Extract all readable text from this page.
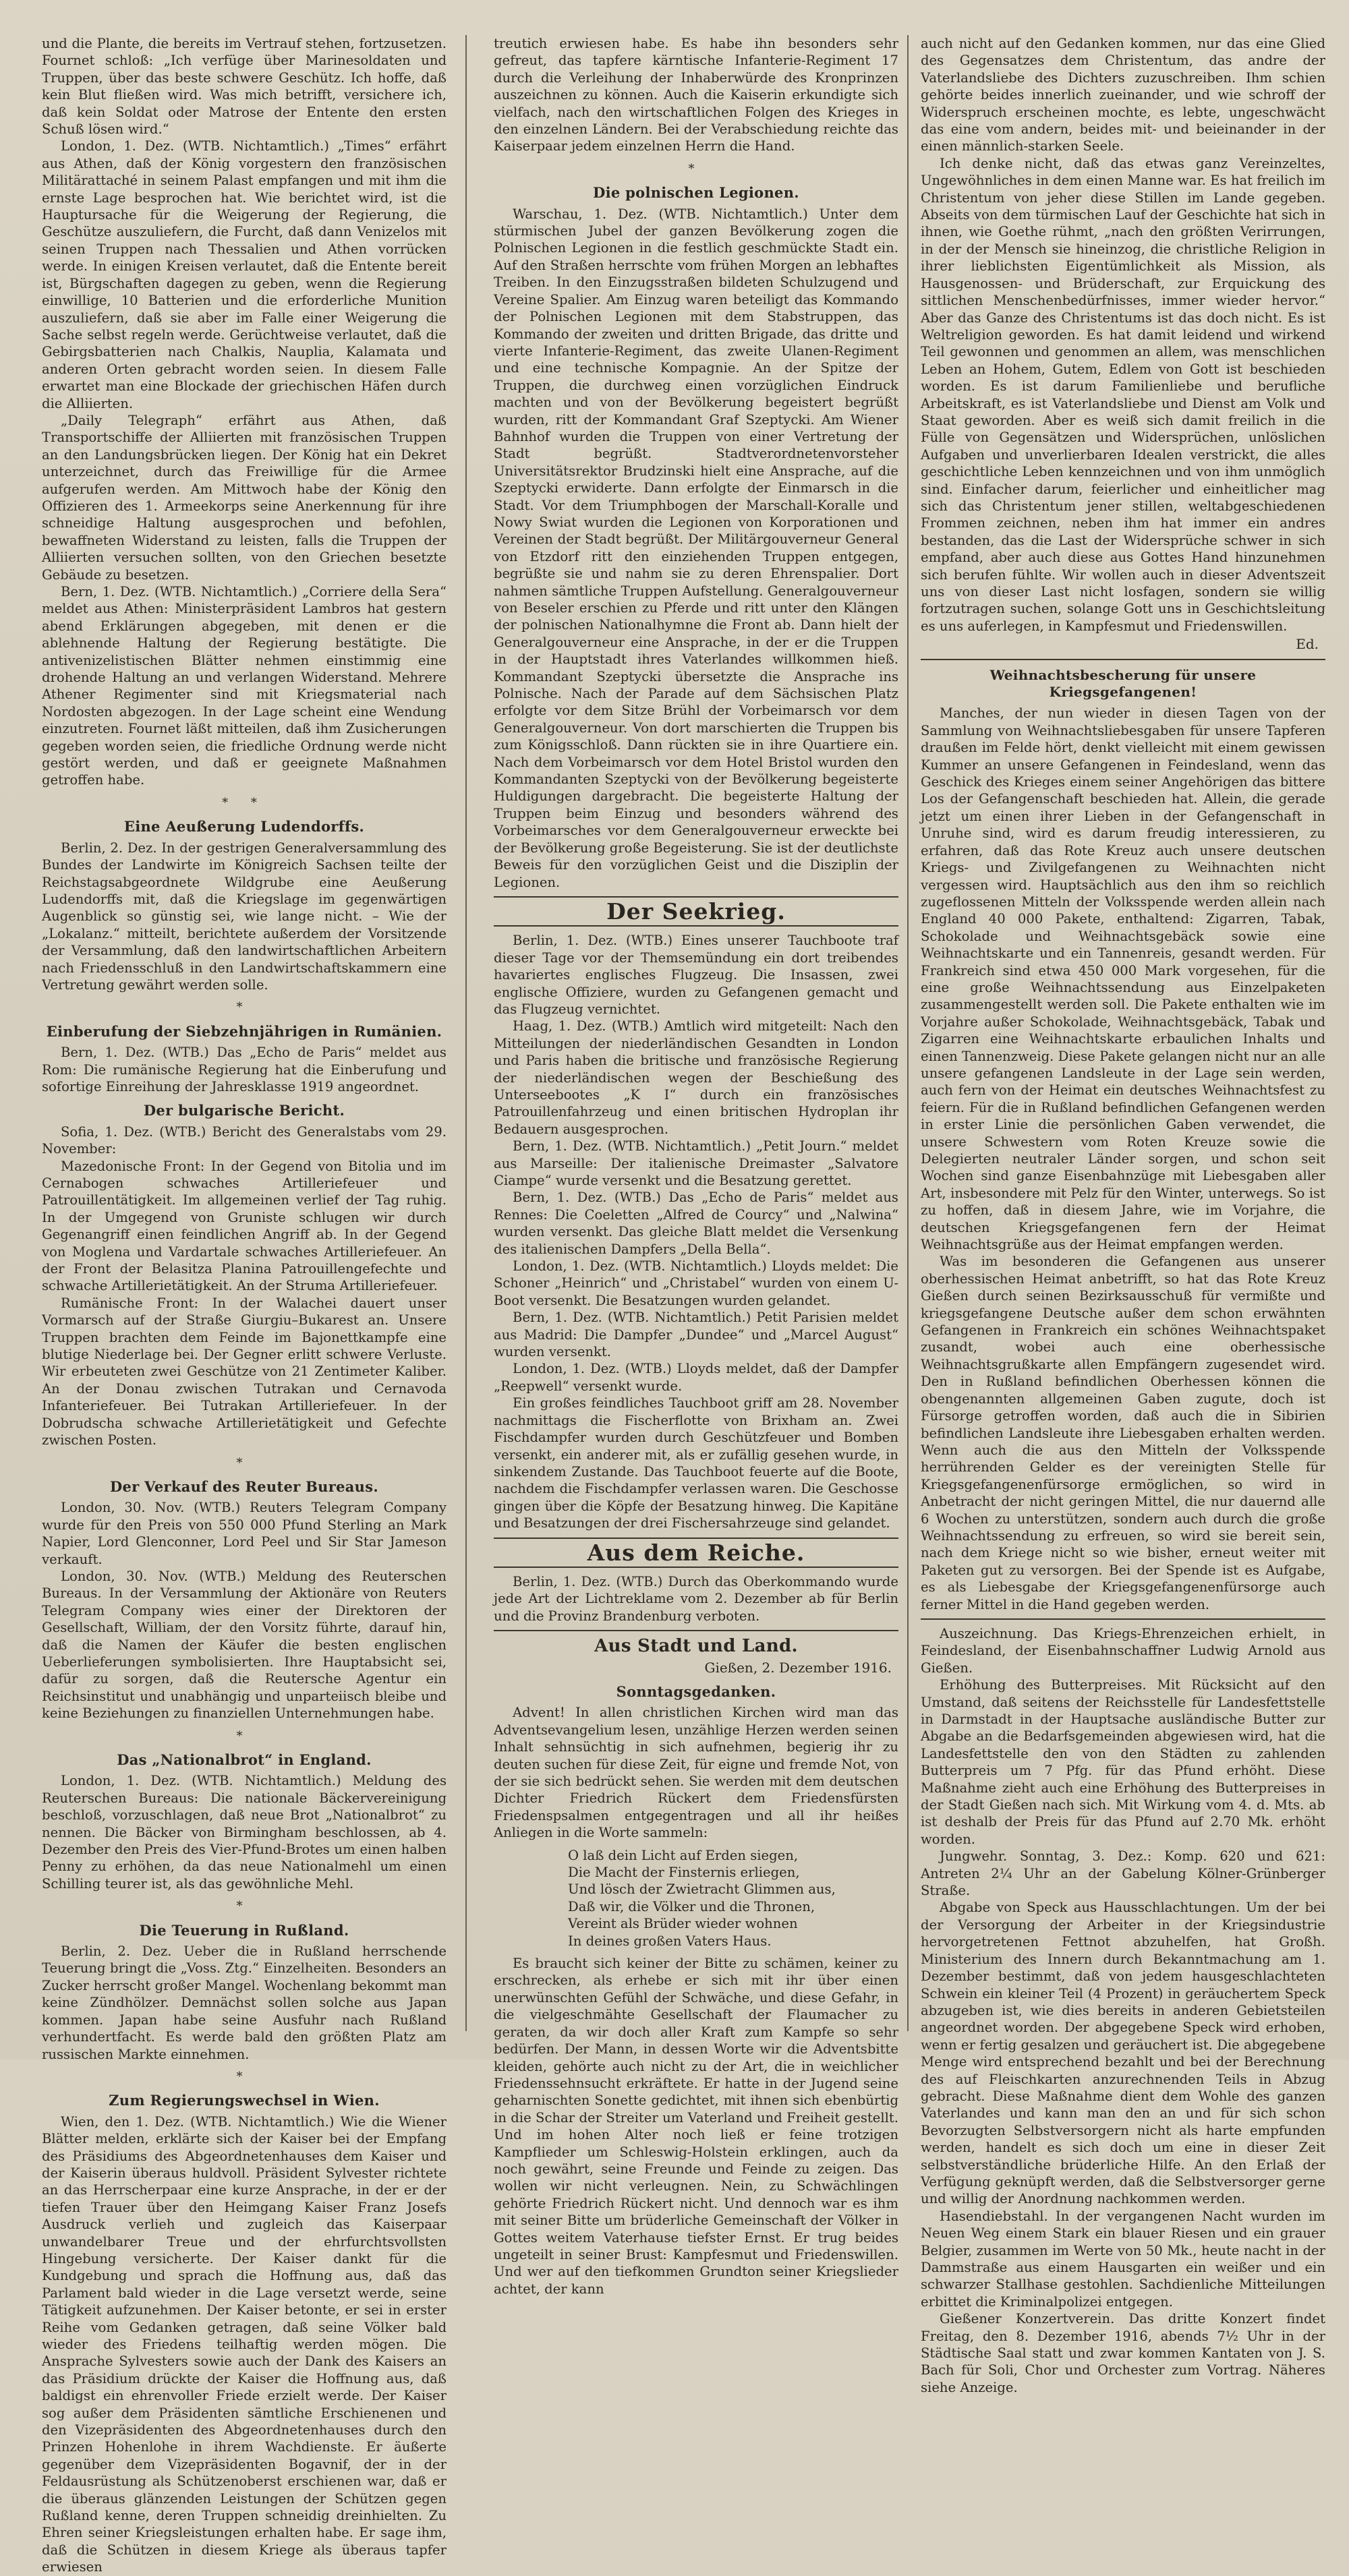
und die Plante, die bereits im Vertrauf stehen, fortzusetzen. Fournet schloß: „Ich verfüge über Marinesoldaten und Truppen, über das beste schwere Geschütz. Ich hoffe, daß kein Blut fließen wird. Was mich betrifft, versichere ich, daß kein Soldat oder Matrose der Entente den ersten Schuß lösen wird.“

London, 1. Dez. (WTB. Nichtamtlich.) „Times“ erfährt aus Athen, daß der König vorgestern den französischen Militärattaché in seinem Palast empfangen und mit ihm die ernste Lage besprochen hat. Wie berichtet wird, ist die Hauptursache für die Weigerung der Regierung, die Geschütze auszuliefern, die Furcht, daß dann Venizelos mit seinen Truppen nach Thessalien und Athen vorrücken werde. In einigen Kreisen verlautet, daß die Entente bereit ist, Bürgschaften dagegen zu geben, wenn die Regierung einwillige, 10 Batterien und die erforderliche Munition auszuliefern, daß sie aber im Falle einer Weigerung die Sache selbst regeln werde. Gerüchtweise verlautet, daß die Gebirgsbatterien nach Chalkis, Nauplia, Kalamata und anderen Orten gebracht worden seien. In diesem Falle erwartet man eine Blockade der griechischen Häfen durch die Alliierten.

„Daily Telegraph“ erfährt aus Athen, daß Transportschiffe der Alliierten mit französischen Truppen an den Landungsbrücken liegen. Der König hat ein Dekret unterzeichnet, durch das Freiwillige für die Armee aufgerufen werden. Am Mittwoch habe der König den Offizieren des 1. Armeekorps seine Anerkennung für ihre schneidige Haltung ausgesprochen und befohlen, bewaffneten Widerstand zu leisten, falls die Truppen der Alliierten versuchen sollten, von den Griechen besetzte Gebäude zu besetzen.

Bern, 1. Dez. (WTB. Nichtamtlich.) „Corriere della Sera“ meldet aus Athen: Ministerpräsident Lambros hat gestern abend Erklärungen abgegeben, mit denen er die ablehnende Haltung der Regierung bestätigte. Die antivenizelistischen Blätter nehmen einstimmig eine drohende Haltung an und verlangen Widerstand. Mehrere Athener Regimenter sind mit Kriegsmaterial nach Nordosten abgezogen. In der Lage scheint eine Wendung einzutreten. Fournet läßt mitteilen, daß ihm Zusicherungen gegeben worden seien, die friedliche Ordnung werde nicht gestört werden, und daß er geeignete Maßnahmen getroffen habe.

* *
Eine Aeußerung Ludendorffs.

Berlin, 2. Dez. In der gestrigen Generalversammlung des Bundes der Landwirte im Königreich Sachsen teilte der Reichstagsabgeordnete Wildgrube eine Aeußerung Ludendorffs mit, daß die Kriegslage im gegenwärtigen Augenblick so günstig sei, wie lange nicht. – Wie der „Lokalanz.“ mitteilt, berichtete außerdem der Vorsitzende der Versammlung, daß den landwirtschaftlichen Arbeitern nach Friedensschluß in den Landwirtschaftskammern eine Vertretung gewährt werden solle.

*
Einberufung der Siebzehnjährigen in Rumänien.

Bern, 1. Dez. (WTB.) Das „Echo de Paris“ meldet aus Rom: Die rumänische Regierung hat die Einberufung und sofortige Einreihung der Jahresklasse 1919 angeordnet.

Der bulgarische Bericht.

Sofia, 1. Dez. (WTB.) Bericht des Generalstabs vom 29. November:

Mazedonische Front: In der Gegend von Bitolia und im Cernabogen schwaches Artilleriefeuer und Patrouillentätigkeit. Im allgemeinen verlief der Tag ruhig. In der Umgegend von Gruniste schlugen wir durch Gegenangriff einen feindlichen Angriff ab. In der Gegend von Moglena und Vardartale schwaches Artilleriefeuer. An der Front der Belasitza Planina Patrouillengefechte und schwache Artillerietätigkeit. An der Struma Artilleriefeuer.

Rumänische Front: In der Walachei dauert unser Vormarsch auf der Straße Giurgiu–Bukarest an. Unsere Truppen brachten dem Feinde im Bajonettkampfe eine blutige Niederlage bei. Der Gegner erlitt schwere Verluste. Wir erbeuteten zwei Geschütze von 21 Zentimeter Kaliber. An der Donau zwischen Tutrakan und Cernavoda Infanteriefeuer. Bei Tutrakan Artilleriefeuer. In der Dobrudscha schwache Artillerietätigkeit und Gefechte zwischen Posten.

*
Der Verkauf des Reuter Bureaus.

London, 30. Nov. (WTB.) Reuters Telegram Company wurde für den Preis von 550 000 Pfund Sterling an Mark Napier, Lord Glenconner, Lord Peel und Sir Star Jameson verkauft.

London, 30. Nov. (WTB.) Meldung des Reuterschen Bureaus. In der Versammlung der Aktionäre von Reuters Telegram Company wies einer der Direktoren der Gesellschaft, William, der den Vorsitz führte, darauf hin, daß die Namen der Käufer die besten englischen Ueberlieferungen symbolisierten. Ihre Hauptabsicht sei, dafür zu sorgen, daß die Reutersche Agentur ein Reichsinstitut und unabhängig und unparteiisch bleibe und keine Beziehungen zu finanziellen Unternehmungen habe.

*
Das „Nationalbrot“ in England.

London, 1. Dez. (WTB. Nichtamtlich.) Meldung des Reuterschen Bureaus: Die nationale Bäckervereinigung beschloß, vorzuschlagen, daß neue Brot „Nationalbrot“ zu nennen. Die Bäcker von Birmingham beschlossen, ab 4. Dezember den Preis des Vier-Pfund-Brotes um einen halben Penny zu erhöhen, da das neue Nationalmehl um einen Schilling teurer ist, als das gewöhnliche Mehl.

*
Die Teuerung in Rußland.

Berlin, 2. Dez. Ueber die in Rußland herrschende Teuerung bringt die „Voss. Ztg.“ Einzelheiten. Besonders an Zucker herrscht großer Mangel. Wochenlang bekommt man keine Zündhölzer. Demnächst sollen solche aus Japan kommen. Japan habe seine Ausfuhr nach Rußland verhundertfacht. Es werde bald den größten Platz am russischen Markte einnehmen.

*
Zum Regierungswechsel in Wien.

Wien, den 1. Dez. (WTB. Nichtamtlich.) Wie die Wiener Blätter melden, erklärte sich der Kaiser bei der Empfang des Präsidiums des Abgeordnetenhauses dem Kaiser und der Kaiserin überaus huldvoll. Präsident Sylvester richtete an das Herrscherpaar eine kurze Ansprache, in der er der tiefen Trauer über den Heimgang Kaiser Franz Josefs Ausdruck verlieh und zugleich das Kaiserpaar unwandelbarer Treue und der ehrfurchtsvollsten Hingebung versicherte. Der Kaiser dankt für die Kundgebung und sprach die Hoffnung aus, daß das Parlament bald wieder in die Lage versetzt werde, seine Tätigkeit aufzunehmen. Der Kaiser betonte, er sei in erster Reihe vom Gedanken getragen, daß seine Völker bald wieder des Friedens teilhaftig werden mögen. Die Ansprache Sylvesters sowie auch der Dank des Kaisers an das Präsidium drückte der Kaiser die Hoffnung aus, daß baldigst ein ehrenvoller Friede erzielt werde. Der Kaiser sog außer dem Präsidenten sämtliche Erschienenen und den Vizepräsidenten des Abgeordnetenhauses durch den Prinzen Hohenlohe in ihrem Wachdienste. Er äußerte gegenüber dem Vizepräsidenten Bogavnif, der in der Feldausrüstung als Schützenoberst erschienen war, daß er die überaus glänzenden Leistungen der Schützen gegen Rußland kenne, deren Truppen schneidig dreinhielten. Zu Ehren seiner Kriegsleistungen erhalten habe. Er sage ihm, daß die Schützen in diesem Kriege als überaus tapfer erwiesen

treutich erwiesen habe. Es habe ihn besonders sehr gefreut, das tapfere kärntische Infanterie-Regiment 17 durch die Verleihung der Inhaberwürde des Kronprinzen auszeichnen zu können. Auch die Kaiserin erkundigte sich vielfach, nach den wirtschaftlichen Folgen des Krieges in den einzelnen Ländern. Bei der Verabschiedung reichte das Kaiserpaar jedem einzelnen Herrn die Hand.

*
Die polnischen Legionen.

Warschau, 1. Dez. (WTB. Nichtamtlich.) Unter dem stürmischen Jubel der ganzen Bevölkerung zogen die Polnischen Legionen in die festlich geschmückte Stadt ein. Auf den Straßen herrschte vom frühen Morgen an lebhaftes Treiben. In den Einzugsstraßen bildeten Schulzugend und Vereine Spalier. Am Einzug waren beteiligt das Kommando der Polnischen Legionen mit dem Stabstruppen, das Kommando der zweiten und dritten Brigade, das dritte und vierte Infanterie-Regiment, das zweite Ulanen-Regiment und eine technische Kompagnie. An der Spitze der Truppen, die durchweg einen vorzüglichen Eindruck machten und von der Bevölkerung begeistert begrüßt wurden, ritt der Kommandant Graf Szeptycki. Am Wiener Bahnhof wurden die Truppen von einer Vertretung der Stadt begrüßt. Stadtverordnetenvorsteher Universitätsrektor Brudzinski hielt eine Ansprache, auf die Szeptycki erwiderte. Dann erfolgte der Einmarsch in die Stadt. Vor dem Triumphbogen der Marschall-Koralle und Nowy Swiat wurden die Legionen von Korporationen und Vereinen der Stadt begrüßt. Der Militärgouverneur General von Etzdorf ritt den einziehenden Truppen entgegen, begrüßte sie und nahm sie zu deren Ehrenspalier. Dort nahmen sämtliche Truppen Aufstellung. Generalgouverneur von Beseler erschien zu Pferde und ritt unter den Klängen der polnischen Nationalhymne die Front ab. Dann hielt der Generalgouverneur eine Ansprache, in der er die Truppen in der Hauptstadt ihres Vaterlandes willkommen hieß. Kommandant Szeptycki übersetzte die Ansprache ins Polnische. Nach der Parade auf dem Sächsischen Platz erfolgte vor dem Sitze Brühl der Vorbeimarsch vor dem Generalgouverneur. Von dort marschierten die Truppen bis zum Königsschloß. Dann rückten sie in ihre Quartiere ein. Nach dem Vorbeimarsch vor dem Hotel Bristol wurden den Kommandanten Szeptycki von der Bevölkerung begeisterte Huldigungen dargebracht. Die begeisterte Haltung der Truppen beim Einzug und besonders während des Vorbeimarsches vor dem Generalgouverneur erweckte bei der Bevölkerung große Begeisterung. Sie ist der deutlichste Beweis für den vorzüglichen Geist und die Disziplin der Legionen.

Der Seekrieg.

Berlin, 1. Dez. (WTB.) Eines unserer Tauchboote traf dieser Tage vor der Themsemündung ein dort treibendes havariertes englisches Flugzeug. Die Insassen, zwei englische Offiziere, wurden zu Gefangenen gemacht und das Flugzeug vernichtet.

Haag, 1. Dez. (WTB.) Amtlich wird mitgeteilt: Nach den Mitteilungen der niederländischen Gesandten in London und Paris haben die britische und französische Regierung der niederländischen wegen der Beschießung des Unterseebootes „K I“ durch ein französisches Patrouillenfahrzeug und einen britischen Hydroplan ihr Bedauern ausgesprochen.

Bern, 1. Dez. (WTB. Nichtamtlich.) „Petit Journ.“ meldet aus Marseille: Der italienische Dreimaster „Salvatore Ciampe“ wurde versenkt und die Besatzung gerettet.

Bern, 1. Dez. (WTB.) Das „Echo de Paris“ meldet aus Rennes: Die Coeletten „Alfred de Courcy“ und „Nalwina“ wurden versenkt. Das gleiche Blatt meldet die Versenkung des italienischen Dampfers „Della Bella“.

London, 1. Dez. (WTB. Nichtamtlich.) Lloyds meldet: Die Schoner „Heinrich“ und „Christabel“ wurden von einem U-Boot versenkt. Die Besatzungen wurden gelandet.

Bern, 1. Dez. (WTB. Nichtamtlich.) Petit Parisien meldet aus Madrid: Die Dampfer „Dundee“ und „Marcel August“ wurden versenkt.

London, 1. Dez. (WTB.) Lloyds meldet, daß der Dampfer „Reepwell“ versenkt wurde.

Ein großes feindliches Tauchboot griff am 28. November nachmittags die Fischerflotte von Brixham an. Zwei Fischdampfer wurden durch Geschützfeuer und Bomben versenkt, ein anderer mit, als er zufällig gesehen wurde, in sinkendem Zustande. Das Tauchboot feuerte auf die Boote, nachdem die Fischdampfer verlassen waren. Die Geschosse gingen über die Köpfe der Besatzung hinweg. Die Kapitäne und Besatzungen der drei Fischersahrzeuge sind gelandet.

Aus dem Reiche.

Berlin, 1. Dez. (WTB.) Durch das Oberkommando wurde jede Art der Lichtreklame vom 2. Dezember ab für Berlin und die Provinz Brandenburg verboten.

Aus Stadt und Land.
Gießen, 2. Dezember 1916.
Sonntagsgedanken.

Advent! In allen christlichen Kirchen wird man das Adventsevangelium lesen, unzählige Herzen werden seinen Inhalt sehnsüchtig in sich aufnehmen, begierig ihr zu deuten suchen für diese Zeit, für eigne und fremde Not, von der sie sich bedrückt sehen. Sie werden mit dem deutschen Dichter Friedrich Rückert dem Friedensfürsten Friedenspsalmen entgegentragen und all ihr heißes Anliegen in die Worte sammeln:

O laß dein Licht auf Erden siegen,
Die Macht der Finsternis erliegen,
Und lösch der Zwietracht Glimmen aus,
Daß wir, die Völker und die Thronen,
Vereint als Brüder wieder wohnen
In deines großen Vaters Haus.

Es braucht sich keiner der Bitte zu schämen, keiner zu erschrecken, als erhebe er sich mit ihr über einen unerwünschten Gefühl der Schwäche, und diese Gefahr, in die vielgeschmähte Gesellschaft der Flaumacher zu geraten, da wir doch aller Kraft zum Kampfe so sehr bedürfen. Der Mann, in dessen Worte wir die Adventsbitte kleiden, gehörte auch nicht zu der Art, die in weichlicher Friedenssehnsucht erkräftete. Er hatte in der Jugend seine geharnischten Sonette gedichtet, mit ihnen sich ebenbürtig in die Schar der Streiter um Vaterland und Freiheit gestellt. Und im hohen Alter noch ließ er feine trotzigen Kampflieder um Schleswig-Holstein erklingen, auch da noch gewährt, seine Freunde und Feinde zu zeigen. Das wollen wir nicht verleugnen. Nein, zu Schwächlingen gehörte Friedrich Rückert nicht. Und dennoch war es ihm mit seiner Bitte um brüderliche Gemeinschaft der Völker in Gottes weitem Vaterhause tiefster Ernst. Er trug beides ungeteilt in seiner Brust: Kampfesmut und Friedenswillen. Und wer auf den tiefkommen Grundton seiner Kriegslieder achtet, der kann

auch nicht auf den Gedanken kommen, nur das eine Glied des Gegensatzes dem Christentum, das andre der Vaterlandsliebe des Dichters zuzuschreiben. Ihm schien gehörte beides innerlich zueinander, und wie schroff der Widerspruch erscheinen mochte, es lebte, ungeschwächt das eine vom andern, beides mit- und beieinander in der einen männlich-starken Seele.

Ich denke nicht, daß das etwas ganz Vereinzeltes, Ungewöhnliches in dem einen Manne war. Es hat freilich im Christentum von jeher diese Stillen im Lande gegeben. Abseits von dem türmischen Lauf der Geschichte hat sich in ihnen, wie Goethe rühmt, „nach den größten Verirrungen, in der der Mensch sie hineinzog, die christliche Religion in ihrer lieblichsten Eigentümlichkeit als Mission, als Hausgenossen- und Brüderschaft, zur Erquickung des sittlichen Menschenbedürfnisses, immer wieder hervor.“ Aber das Ganze des Christentums ist das doch nicht. Es ist Weltreligion geworden. Es hat damit leidend und wirkend Teil gewonnen und genommen an allem, was menschlichen Leben an Hohem, Gutem, Edlem von Gott ist beschieden worden. Es ist darum Familienliebe und berufliche Arbeitskraft, es ist Vaterlandsliebe und Dienst am Volk und Staat geworden. Aber es weiß sich damit freilich in die Fülle von Gegensätzen und Widersprüchen, unlöslichen Aufgaben und unverlierbaren Idealen verstrickt, die alles geschichtliche Leben kennzeichnen und von ihm unmöglich sind. Einfacher darum, feierlicher und einheitlicher mag sich das Christentum jener stillen, weltabgeschiedenen Frommen zeichnen, neben ihm hat immer ein andres bestanden, das die Last der Widersprüche schwer in sich empfand, aber auch diese aus Gottes Hand hinzunehmen sich berufen fühlte. Wir wollen auch in dieser Adventszeit uns von dieser Last nicht losfagen, sondern sie willig fortzutragen suchen, solange Gott uns in Geschichtsleitung es uns auferlegen, in Kampfesmut und Friedenswillen.

Ed.
Weihnachtsbescherung für unsere Kriegsgefangenen!

Manches, der nun wieder in diesen Tagen von der Sammlung von Weihnachtsliebesgaben für unsere Tapferen draußen im Felde hört, denkt vielleicht mit einem gewissen Kummer an unsere Gefangenen in Feindesland, wenn das Geschick des Krieges einem seiner Angehörigen das bittere Los der Gefangenschaft beschieden hat. Allein, die gerade jetzt um einen ihrer Lieben in der Gefangenschaft in Unruhe sind, wird es darum freudig interessieren, zu erfahren, daß das Rote Kreuz auch unsere deutschen Kriegs- und Zivilgefangenen zu Weihnachten nicht vergessen wird. Hauptsächlich aus den ihm so reichlich zugeflossenen Mitteln der Volksspende werden allein nach England 40 000 Pakete, enthaltend: Zigarren, Tabak, Schokolade und Weihnachtsgebäck sowie eine Weihnachtskarte und ein Tannenreis, gesandt werden. Für Frankreich sind etwa 450 000 Mark vorgesehen, für die eine große Weihnachtssendung aus Einzelpaketen zusammengestellt werden soll. Die Pakete enthalten wie im Vorjahre außer Schokolade, Weihnachtsgebäck, Tabak und Zigarren eine Weihnachtskarte erbaulichen Inhalts und einen Tannenzweig. Diese Pakete gelangen nicht nur an alle unsere gefangenen Landsleute in der Lage sein werden, auch fern von der Heimat ein deutsches Weihnachtsfest zu feiern. Für die in Rußland befindlichen Gefangenen werden in erster Linie die persönlichen Gaben verwendet, die unsere Schwestern vom Roten Kreuze sowie die Delegierten neutraler Länder sorgen, und schon seit Wochen sind ganze Eisenbahnzüge mit Liebesgaben aller Art, insbesondere mit Pelz für den Winter, unterwegs. So ist zu hoffen, daß in diesem Jahre, wie im Vorjahre, die deutschen Kriegsgefangenen fern der Heimat Weihnachtsgrüße aus der Heimat empfangen werden.

Was im besonderen die Gefangenen aus unserer oberhessischen Heimat anbetrifft, so hat das Rote Kreuz Gießen durch seinen Bezirksausschuß für vermißte und kriegsgefangene Deutsche außer dem schon erwähnten Gefangenen in Frankreich ein schönes Weihnachtspaket zusandt, wobei auch eine oberhessische Weihnachtsgrußkarte allen Empfängern zugesendet wird. Den in Rußland befindlichen Oberhessen können die obengenannten allgemeinen Gaben zugute, doch ist Fürsorge getroffen worden, daß auch die in Sibirien befindlichen Landsleute ihre Liebesgaben erhalten werden. Wenn auch die aus den Mitteln der Volksspende herrührenden Gelder es der vereinigten Stelle für Kriegsgefangenenfürsorge ermöglichen, so wird in Anbetracht der nicht geringen Mittel, die nur dauernd alle 6 Wochen zu unterstützen, sondern auch durch die große Weihnachtssendung zu erfreuen, so wird sie bereit sein, nach dem Kriege nicht so wie bisher, erneut weiter mit Paketen gut zu versorgen. Bei der Spende ist es Aufgabe, es als Liebesgabe der Kriegsgefangenenfürsorge auch ferner Mittel in die Hand gegeben werden.

Auszeichnung. Das Kriegs-Ehrenzeichen erhielt, in Feindesland, der Eisenbahnschaffner Ludwig Arnold aus Gießen.

Erhöhung des Butterpreises. Mit Rücksicht auf den Umstand, daß seitens der Reichsstelle für Landesfettstelle in Darmstadt in der Hauptsache ausländische Butter zur Abgabe an die Bedarfsgemeinden abgewiesen wird, hat die Landesfettstelle den von den Städten zu zahlenden Butterpreis um 7 Pfg. für das Pfund erhöht. Diese Maßnahme zieht auch eine Erhöhung des Butterpreises in der Stadt Gießen nach sich. Mit Wirkung vom 4. d. Mts. ab ist deshalb der Preis für das Pfund auf 2.70 Mk. erhöht worden.

Jungwehr. Sonntag, 3. Dez.: Komp. 620 und 621: Antreten 2¼ Uhr an der Gabelung Kölner-Grünberger Straße.

Abgabe von Speck aus Hausschlachtungen. Um der bei der Versorgung der Arbeiter in der Kriegsindustrie hervorgetretenen Fettnot abzuhelfen, hat Großh. Ministerium des Innern durch Bekanntmachung am 1. Dezember bestimmt, daß von jedem hausgeschlachteten Schwein ein kleiner Teil (4 Prozent) in geräuchertem Speck abzugeben ist, wie dies bereits in anderen Gebietsteilen angeordnet worden. Der abgegebene Speck wird erhoben, wenn er fertig gesalzen und geräuchert ist. Die abgegebene Menge wird entsprechend bezahlt und bei der Berechnung des auf Fleischkarten anzurechnenden Teils in Abzug gebracht. Diese Maßnahme dient dem Wohle des ganzen Vaterlandes und kann man den an und für sich schon Bevorzugten Selbstversorgern nicht als harte empfunden werden, handelt es sich doch um eine in dieser Zeit selbstverständliche brüderliche Hilfe. An den Erlaß der Verfügung geknüpft werden, daß die Selbstversorger gerne und willig der Anordnung nachkommen werden.

Hasendiebstahl. In der vergangenen Nacht wurden im Neuen Weg einem Stark ein blauer Riesen und ein grauer Belgier, zusammen im Werte von 50 Mk., heute nacht in der Dammstraße aus einem Hausgarten ein weißer und ein schwarzer Stallhase gestohlen. Sachdienliche Mitteilungen erbittet die Kriminalpolizei entgegen.

Gießener Konzertverein. Das dritte Konzert findet Freitag, den 8. Dezember 1916, abends 7½ Uhr in der Städtische Saal statt und zwar kommen Kantaten von J. S. Bach für Soli, Chor und Orchester zum Vortrag. Näheres siehe Anzeige.
